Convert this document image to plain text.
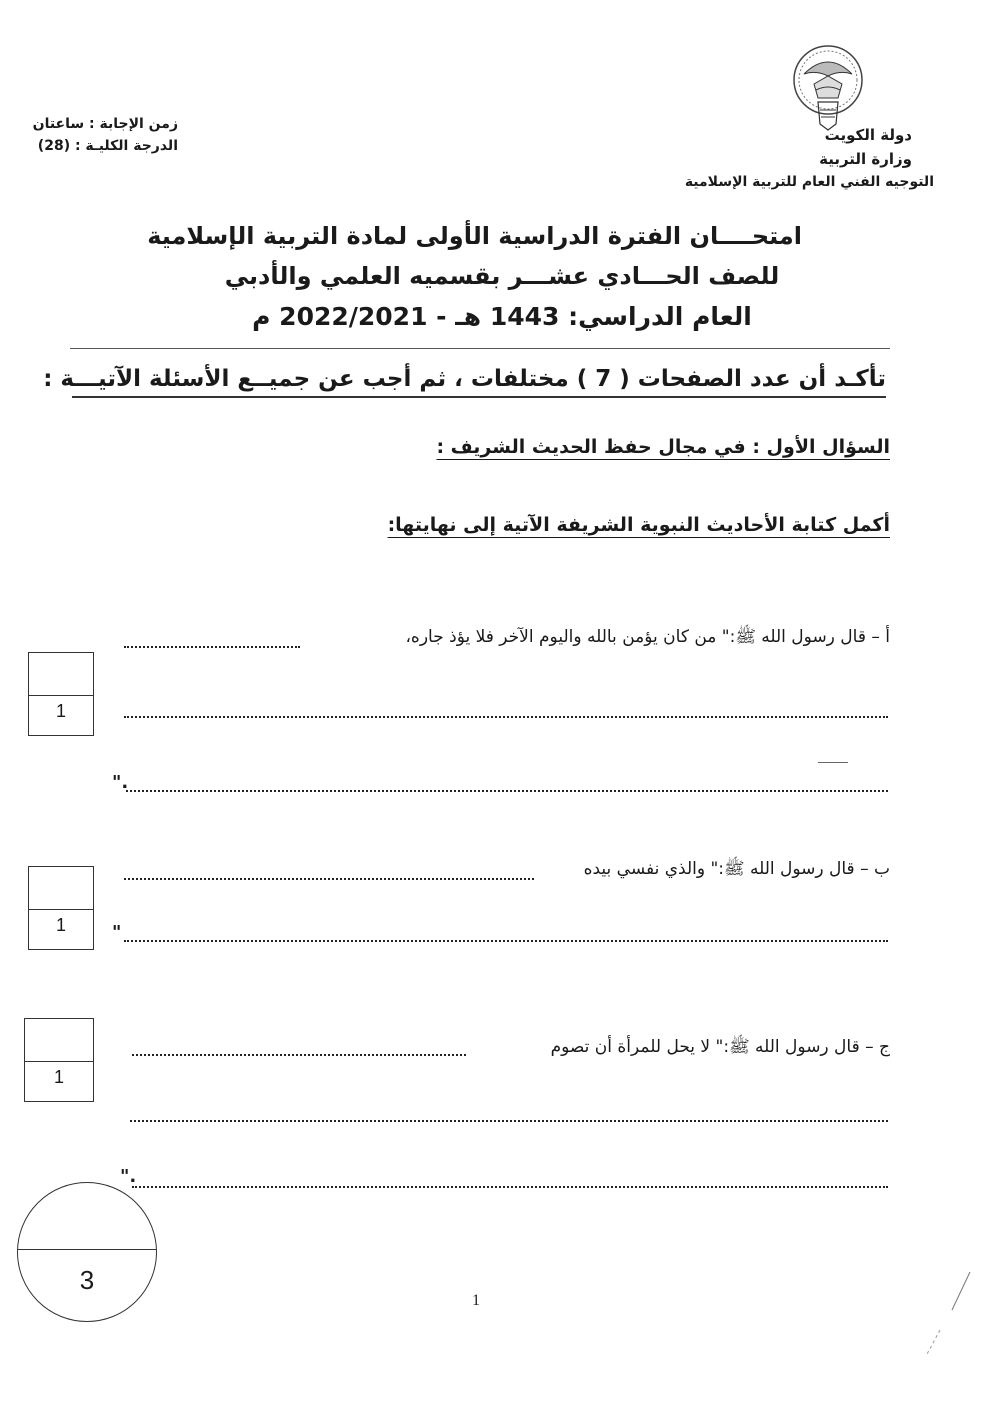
دولة الكويت
وزارة التربية
التوجيه الفني العام للتربية الإسلامية
زمن الإجابة : ساعتان
الدرجة الكليـة : (28)
امتحــــان الفترة الدراسية الأولى لمادة التربية الإسلامية
للصف الحـــادي عشـــر بقسميه العلمي والأدبي
العام الدراسي: 1443 هـ - 2022/2021 م
تأكـد أن عدد الصفحات ( 7 ) مختلفات ، ثم أجب عن جميــع الأسئلة الآتيـــة :
السؤال الأول : في مجال حفظ الحديث الشريف :
أكمل كتابة الأحاديث النبوية الشريفة الآتية إلى نهايتها:
أ – قال رسول الله ﷺ:" من كان يؤمن بالله واليوم الآخر فلا يؤذ جاره،
".
1
ب – قال رسول الله ﷺ:" والذي نفسي بيده
"
1
ج – قال رسول الله ﷺ:" لا يحل للمرأة أن تصوم
".
1
3
1
